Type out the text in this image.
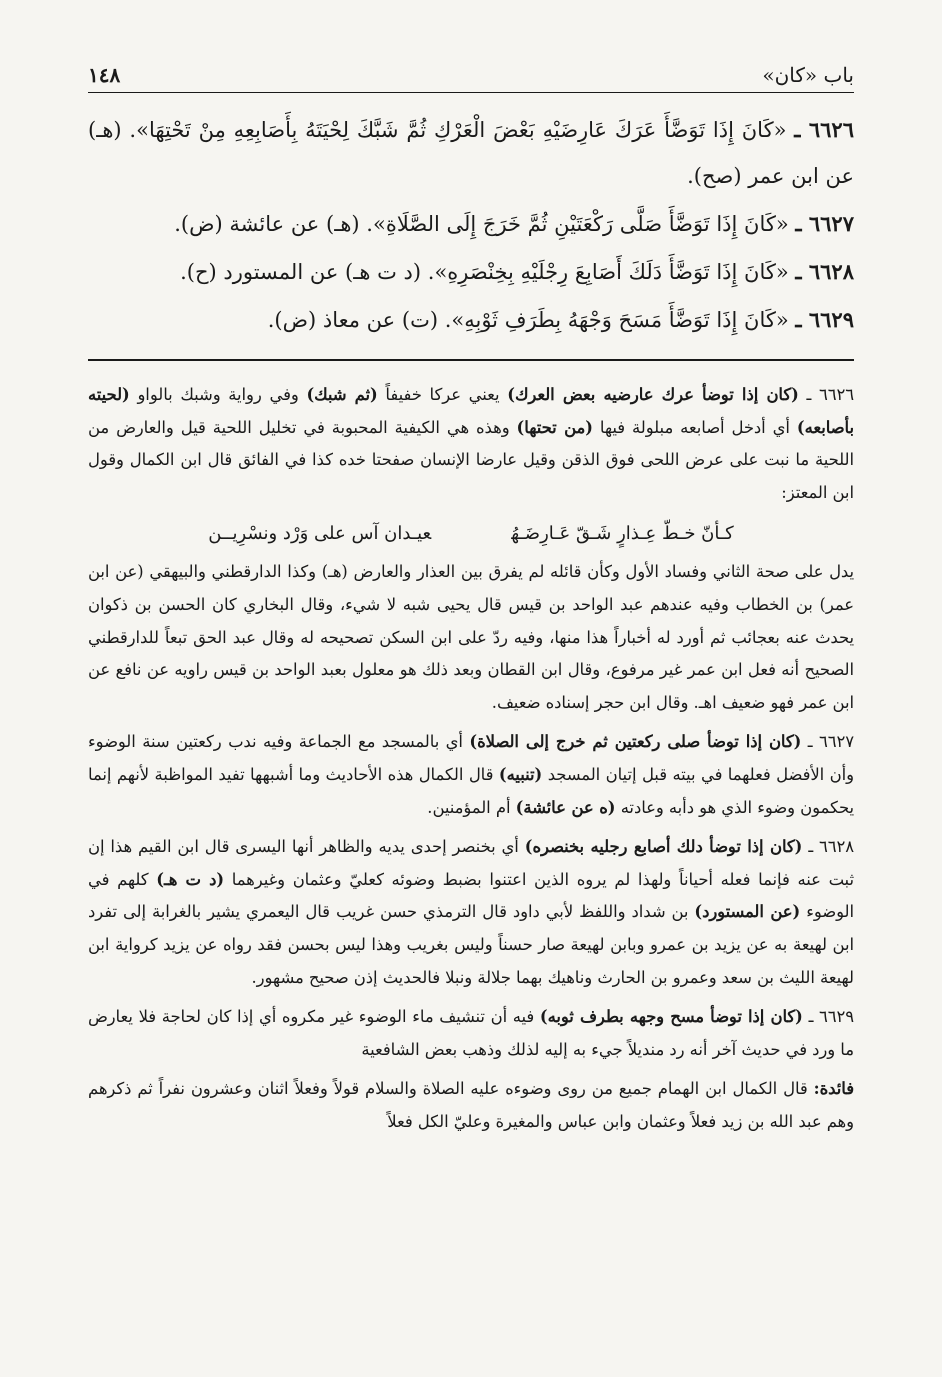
باب «كان»
١٤٨

٦٦٢٦ ـ «كَانَ إِذَا تَوَضَّأَ عَرَكَ عَارِضَيْهِ بَعْضَ الْعَرْكِ ثُمَّ شَبَّكَ لِحْيَتَهُ بِأَصَابِعِهِ مِنْ تَحْتِهَا». (هـ) عن ابن عمر (صح).

٦٦٢٧ ـ «كَانَ إِذَا تَوَضَّأَ صَلَّى رَكْعَتَيْنِ ثُمَّ خَرَجَ إِلَى الصَّلَاةِ». (هـ) عن عائشة (ض).

٦٦٢٨ ـ «كَانَ إِذَا تَوَضَّأَ دَلَكَ أَصَابِعَ رِجْلَيْهِ بِخِنْصَرِهِ». (د ت هـ) عن المستورد (ح).

٦٦٢٩ ـ «كَانَ إِذَا تَوَضَّأَ مَسَحَ وَجْهَهُ بِطَرَفِ ثَوْبِهِ». (ت) عن معاذ (ض).

٦٦٢٦ ـ (كان إذا توضأ عرك عارضيه بعض العرك) يعني عركا خفيفاً (ثم شبك) وفي رواية وشبك بالواو (لحيته بأصابعه) أي أدخل أصابعه مبلولة فيها (من تحتها) وهذه هي الكيفية المحبوبة في تخليل اللحية قيل والعارض من اللحية ما نبت على عرض اللحى فوق الذقن وقيل عارضا الإنسان صفحتا خده كذا في الفائق قال ابن الكمال وقول ابن المعتز:

كـأنّ خـطّ عِـذارٍ شَـقّ عَـارِضَـهُعيـدان آس على وَرْد ونسْرِيــن

يدل على صحة الثاني وفساد الأول وكأن قائله لم يفرق بين العذار والعارض (هـ) وكذا الدارقطني والبيهقي (عن ابن عمر) بن الخطاب وفيه عندهم عبد الواحد بن قيس قال يحيى شبه لا شيء، وقال البخاري كان الحسن بن ذكوان يحدث عنه بعجائب ثم أورد له أخباراً هذا منها، وفيه ردّ على ابن السكن تصحيحه له وقال عبد الحق تبعاً للدارقطني الصحيح أنه فعل ابن عمر غير مرفوع، وقال ابن القطان وبعد ذلك هو معلول بعبد الواحد بن قيس راويه عن نافع عن ابن عمر فهو ضعيف اهـ. وقال ابن حجر إسناده ضعيف.

٦٦٢٧ ـ (كان إذا توضأ صلى ركعتين ثم خرج إلى الصلاة) أي بالمسجد مع الجماعة وفيه ندب ركعتين سنة الوضوء وأن الأفضل فعلهما في بيته قبل إتيان المسجد (تنبيه) قال الكمال هذه الأحاديث وما أشبهها تفيد المواظبة لأنهم إنما يحكمون وضوء الذي هو دأبه وعادته (ه عن عائشة) أم المؤمنين.

٦٦٢٨ ـ (كان إذا توضأ دلك أصابع رجليه بخنصره) أي بخنصر إحدى يديه والظاهر أنها اليسرى قال ابن القيم هذا إن ثبت عنه فإنما فعله أحياناً ولهذا لم يروه الذين اعتنوا بضبط وضوئه كعليّ وعثمان وغيرهما (د ت هـ) كلهم في الوضوء (عن المستورد) بن شداد واللفظ لأبي داود قال الترمذي حسن غريب قال اليعمري يشير بالغرابة إلى تفرد ابن لهيعة به عن يزيد بن عمرو وبابن لهيعة صار حسناً وليس بغريب وهذا ليس بحسن فقد رواه عن يزيد كرواية ابن لهيعة الليث بن سعد وعمرو بن الحارث وناهيك بهما جلالة ونبلا فالحديث إذن صحيح مشهور.

٦٦٢٩ ـ (كان إذا توضأ مسح وجهه بطرف ثوبه) فيه أن تنشيف ماء الوضوء غير مكروه أي إذا كان لحاجة فلا يعارض ما ورد في حديث آخر أنه رد منديلاً جيء به إليه لذلك وذهب بعض الشافعية

فائدة: قال الكمال ابن الهمام جميع من روى وضوءه عليه الصلاة والسلام قولاً وفعلاً اثنان وعشرون نفراً ثم ذكرهم وهم عبد الله بن زيد فعلاً وعثمان وابن عباس والمغيرة وعليّ الكل فعلاً
